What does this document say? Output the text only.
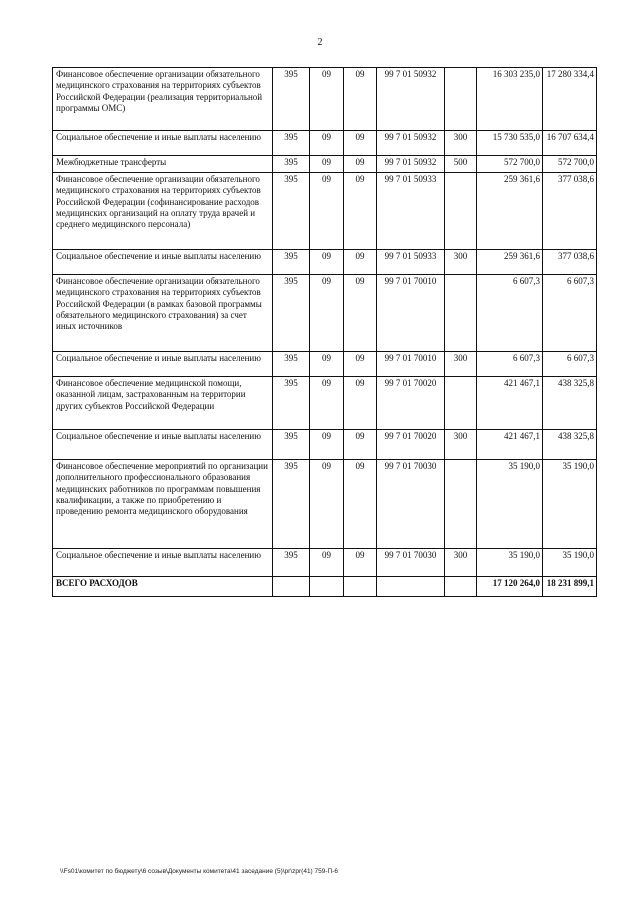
2
Финансовое обеспечение организации обязательного медицинского страхования на территориях субъектов Российской Федерации (реализация территориальной программы ОМС)	395	09	09	99 7 01 50932		16 303 235,0	17 280 334,4
Социальное обеспечение и иные выплаты населению	395	09	09	99 7 01 50932	300	15 730 535,0	16 707 634,4
Межбюджетные трансферты	395	09	09	99 7 01 50932	500	572 700,0	572 700,0
Финансовое обеспечение организации обязательного медицинского страхования на территориях субъектов Российской Федерации (софинансирование расходов медицинских организаций на оплату труда врачей и среднего медицинского персонала)	395	09	09	99 7 01 50933		259 361,6	377 038,6
Социальное обеспечение и иные выплаты населению	395	09	09	99 7 01 50933	300	259 361,6	377 038,6
Финансовое обеспечение организации обязательного медицинского страхования на территориях субъектов Российской Федерации (в рамках базовой программы обязательного медицинского страхования) за счет иных источников	395	09	09	99 7 01 70010		6 607,3	6 607,3
Социальное обеспечение и иные выплаты населению	395	09	09	99 7 01 70010	300	6 607,3	6 607,3
Финансовое обеспечение медицинской помощи, оказанной лицам, застрахованным на территории других субъектов Российской Федерации	395	09	09	99 7 01 70020		421 467,1	438 325,8
Социальное обеспечение и иные выплаты населению	395	09	09	99 7 01 70020	300	421 467,1	438 325,8
Финансовое обеспечение мероприятий по организации дополнительного профессионального образования медицинских работников по программам повышения квалификации, а также по приобретению и проведению ремонта медицинского оборудования	395	09	09	99 7 01 70030		35 190,0	35 190,0
Социальное обеспечение и иные выплаты населению	395	09	09	99 7 01 70030	300	35 190,0	35 190,0
ВСЕГО РАСХОДОВ						17 120 264,0	18 231 899,1
\\Fs01\комитет по бюджету\6 созыв\Документы комитета\41 заседание (5)\pr\zpr(41) 759-П-6
